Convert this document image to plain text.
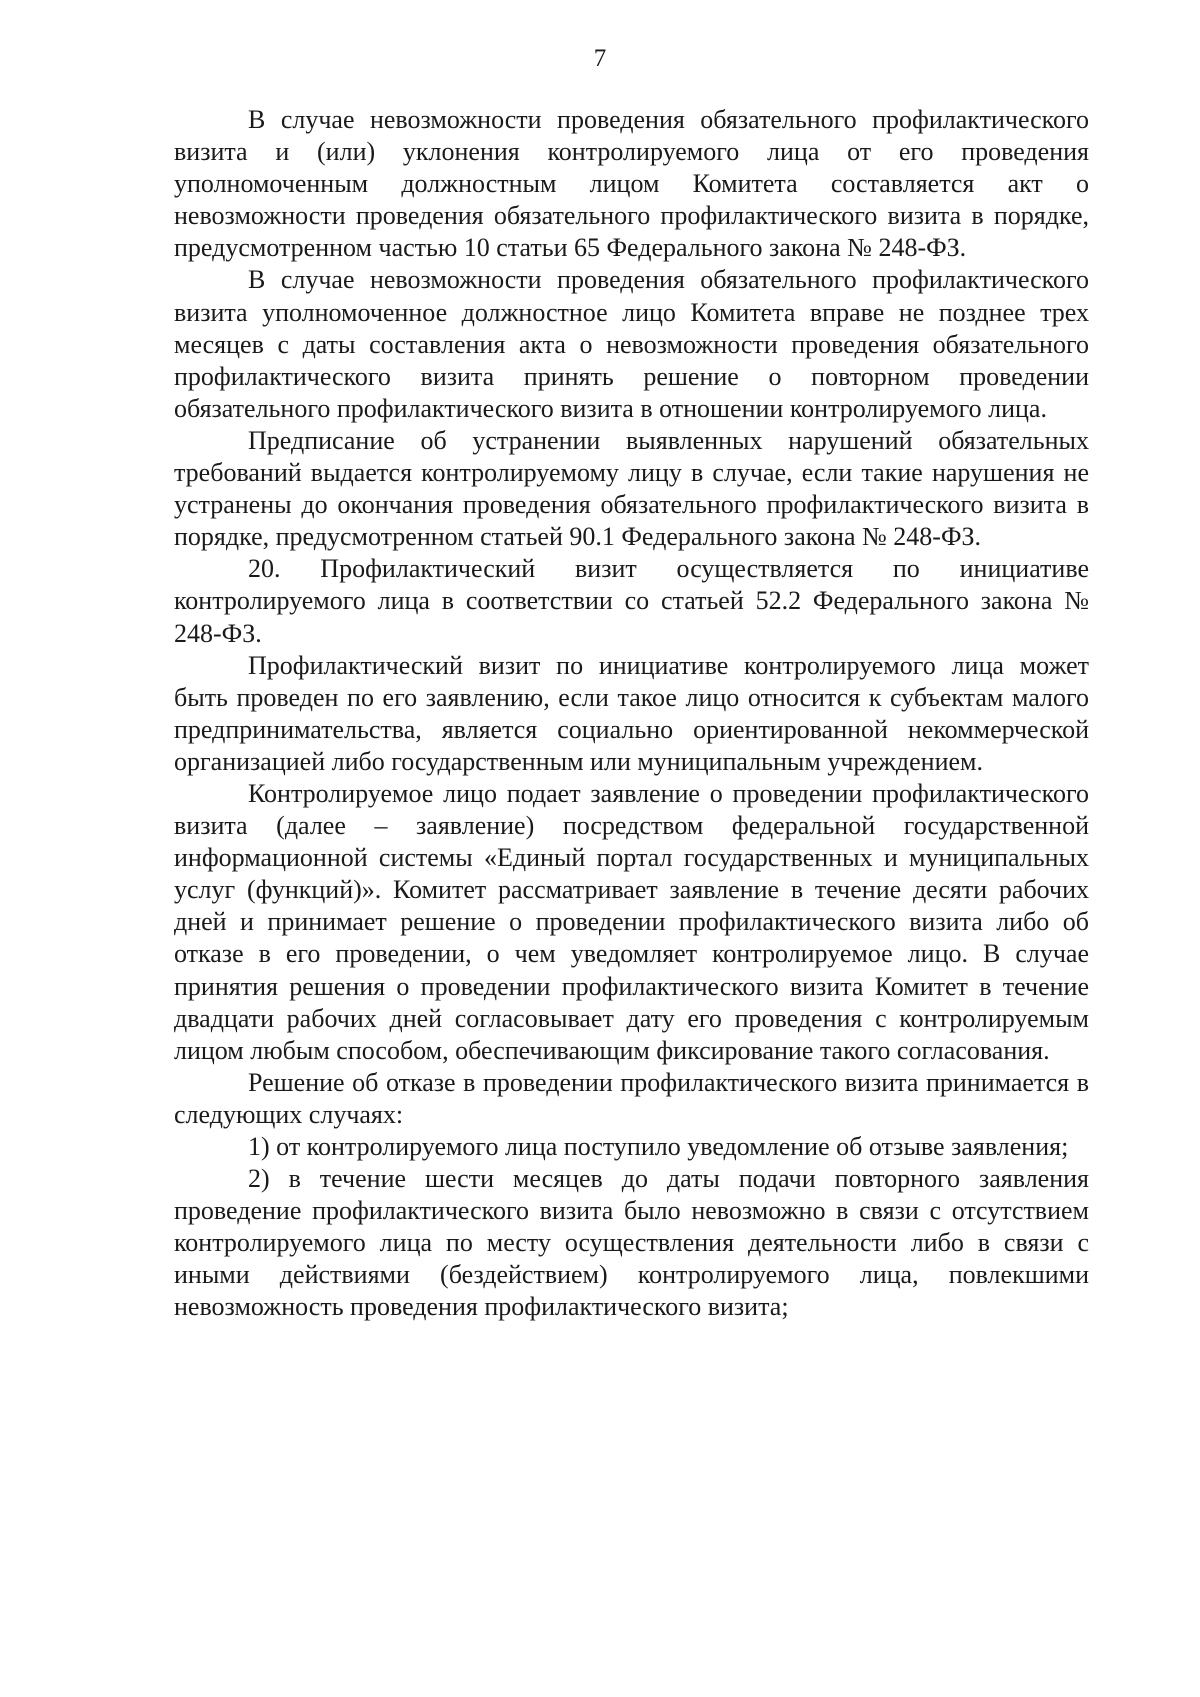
7

В случае невозможности проведения обязательного профилактического визита и (или) уклонения контролируемого лица от его проведения уполномоченным должностным лицом Комитета составляется акт о невозможности проведения обязательного профилактического визита в порядке, предусмотренном частью 10 статьи 65 Федерального закона № 248-ФЗ.

В случае невозможности проведения обязательного профилактического визита уполномоченное должностное лицо Комитета вправе не позднее трех месяцев с даты составления акта о невозможности проведения обязательного профилактического визита принять решение о повторном проведении обязательного профилактического визита в отношении контролируемого лица.

Предписание об устранении выявленных нарушений обязательных требований выдается контролируемому лицу в случае, если такие нарушения не устранены до окончания проведения обязательного профилактического визита в порядке, предусмотренном статьей 90.1 Федерального закона № 248-ФЗ.

20. Профилактический визит осуществляется по инициативе контролируемого лица в соответствии со статьей 52.2 Федерального закона № 248-ФЗ.

Профилактический визит по инициативе контролируемого лица может быть проведен по его заявлению, если такое лицо относится к субъектам малого предпринимательства, является социально ориентированной некоммерческой организацией либо государственным или муниципальным учреждением.

Контролируемое лицо подает заявление о проведении профилактического визита (далее – заявление) посредством федеральной государственной информационной системы «Единый портал государственных и муниципальных услуг (функций)». Комитет рассматривает заявление в течение десяти рабочих дней и принимает решение о проведении профилактического визита либо об отказе в его проведении, о чем уведомляет контролируемое лицо. В случае принятия решения о проведении профилактического визита Комитет в течение двадцати рабочих дней согласовывает дату его проведения с контролируемым лицом любым способом, обеспечивающим фиксирование такого согласования.

Решение об отказе в проведении профилактического визита принимается в следующих случаях:

1) от контролируемого лица поступило уведомление об отзыве заявления;

2) в течение шести месяцев до даты подачи повторного заявления проведение профилактического визита было невозможно в связи с отсутствием контролируемого лица по месту осуществления деятельности либо в связи с иными действиями (бездействием) контролируемого лица, повлекшими невозможность проведения профилактического визита;
